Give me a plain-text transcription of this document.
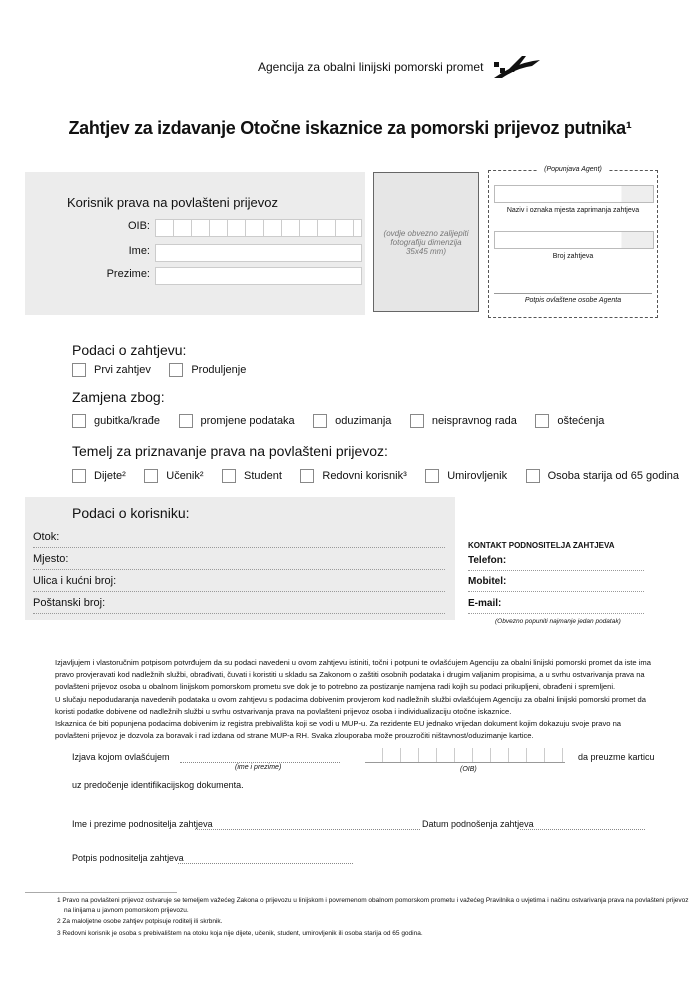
Agencija za obalni linijski pomorski promet
Zahtjev za izdavanje Otočne iskaznice za pomorski prijevoz putnika¹
Korisnik prava na povlašteni prijevoz
OIB:
Ime:
Prezime:
(ovdje obvezno zalijepiti fotografiju dimenzija 35x45 mm)
(Popunjava Agent)
Naziv i oznaka mjesta zaprimanja zahtjeva
Broj zahtjeva
Potpis ovlaštene osobe Agenta
Podaci o zahtjevu:
Prvi zahtjev
	Produljenje
Zamjena zbog:
gubitka/krađe
	promjene podataka
	oduzimanja
	neispravnog rada
	oštećenja
Temelj za priznavanje prava na povlašteni prijevoz:
Dijete²
	Učenik²
	Student
	Redovni korisnik³
	Umirovljenik
	Osoba starija od 65 godina
Podaci o korisniku:
Otok:
Mjesto:
Ulica i kućni broj:
Poštanski broj:
KONTAKT PODNOSITELJA ZAHTJEVA
Telefon:
Mobitel:
E-mail:
(Obvezno popuniti najmanje jedan podatak)
Izjavljujem i vlastoručnim potpisom potvrđujem da su podaci navedeni u ovom zahtjevu istiniti, točni i potpuni te ovlašćujem Agenciju za obalni linijski pomorski promet da iste ima pravo provjeravati kod nadležnih službi, obrađivati, čuvati i koristiti u skladu sa Zakonom o zaštiti osobnih podataka i drugim valjanim propisima, a u svrhu ostvarivanja prava na povlašteni prijevoz osoba u obalnom linijskom pomorskom prometu sve dok je to potrebno za postizanje namjena radi kojih su podaci prikupljeni, obrađeni i spremljeni.
U slučaju nepodudaranja navedenih podataka u ovom zahtjevu s podacima dobivenim provjerom kod nadležnih službi ovlašćujem Agenciju za obalni linijski pomorski promet da koristi podatke dobivene od nadležnih službi u svrhu ostvarivanja prava na povlašteni prijevoz osoba i individualizaciju otočne iskaznice.
Iskaznica će biti popunjena podacima dobivenim iz registra prebivališta koji se vodi u MUP-u. Za rezidente EU jednako vrijedan dokument kojim dokazuju svoje pravo na povlašteni prijevoz je dozvola za boravak i rad izdana od strane MUP-a RH. Svaka zlouporaba može prouzročiti ništavnost/oduzimanje kartice.
Izjava kojom ovlašćujem
(ime i prezime)	(OIB)
da preuzme karticu
uz predočenje identifikacijskog dokumenta.
Ime i prezime podnositelja zahtjeva	Datum podnošenja zahtjeva
Potpis podnositelja zahtjeva
1 Pravo na povlašteni prijevoz ostvaruje se temeljem važećeg Zakona o prijevozu u linijskom i povremenom obalnom pomorskom prometu i važećeg Pravilnika o uvjetima i načinu ostvarivanja prava na povlašteni prijevoz
na linijama u javnom pomorskom prijevozu.
2 Za maloljetne osobe zahtjev potpisuje roditelj ili skrbnik.
3 Redovni korisnik je osoba s prebivalištem na otoku koja nije dijete, učenik, student, umirovljenik ili osoba starija od 65 godina.
